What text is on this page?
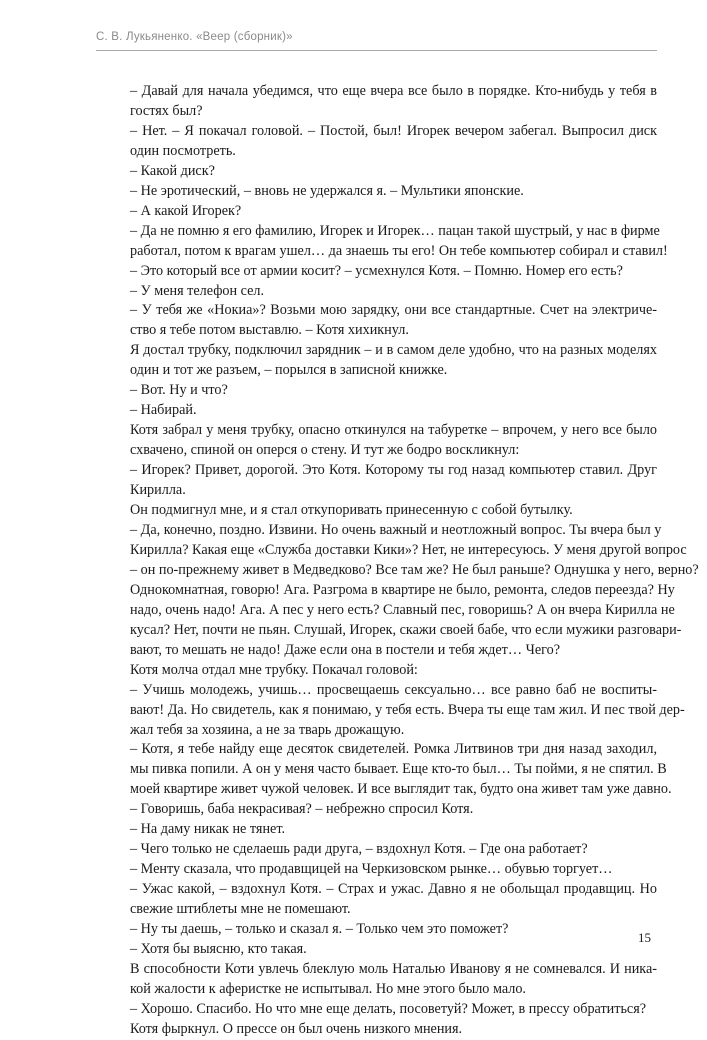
С. В. Лукьяненко. «Веер (сборник)»
– Давай для начала убедимся, что еще вчера все было в порядке. Кто-нибудь у тебя в
гостях был?
– Нет. – Я покачал головой. – Постой, был! Игорек вечером забегал. Выпросил диск
один посмотреть.
– Какой диск?
– Не эротический, – вновь не удержался я. – Мультики японские.
– А какой Игорек?
– Да не помню я его фамилию, Игорек и Игорек… пацан такой шустрый, у нас в фирме
работал, потом к врагам ушел… да знаешь ты его! Он тебе компьютер собирал и ставил!
– Это который все от армии косит? – усмехнулся Котя. – Помню. Номер его есть?
– У меня телефон сел.
– У тебя же «Нокиа»? Возьми мою зарядку, они все стандартные. Счет на электриче-
ство я тебе потом выставлю. – Котя хихикнул.
Я достал трубку, подключил зарядник – и в самом деле удобно, что на разных моделях
один и тот же разъем, – порылся в записной книжке.
– Вот. Ну и что?
– Набирай.
Котя забрал у меня трубку, опасно откинулся на табуретке – впрочем, у него все было
схвачено, спиной он оперся о стену. И тут же бодро воскликнул:
– Игорек? Привет, дорогой. Это Котя. Которому ты год назад компьютер ставил. Друг
Кирилла.
Он подмигнул мне, и я стал откупоривать принесенную с собой бутылку.
– Да, конечно, поздно. Извини. Но очень важный и неотложный вопрос. Ты вчера был у
Кирилла? Какая еще «Служба доставки Кики»? Нет, не интересуюсь. У меня другой вопрос
– он по-прежнему живет в Медведково? Все там же? Не был раньше? Однушка у него, верно?
Однокомнатная, говорю! Ага. Разгрома в квартире не было, ремонта, следов переезда? Ну
надо, очень надо! Ага. А пес у него есть? Славный пес, говоришь? А он вчера Кирилла не
кусал? Нет, почти не пьян. Слушай, Игорек, скажи своей бабе, что если мужики разговари-
вают, то мешать не надо! Даже если она в постели и тебя ждет… Чего?
Котя молча отдал мне трубку. Покачал головой:
– Учишь молодежь, учишь… просвещаешь сексуально… все равно баб не воспиты-
вают! Да. Но свидетель, как я понимаю, у тебя есть. Вчера ты еще там жил. И пес твой дер-
жал тебя за хозяина, а не за тварь дрожащую.
– Котя, я тебе найду еще десяток свидетелей. Ромка Литвинов три дня назад заходил,
мы пивка попили. А он у меня часто бывает. Еще кто-то был… Ты пойми, я не спятил. В
моей квартире живет чужой человек. И все выглядит так, будто она живет там уже давно.
– Говоришь, баба некрасивая? – небрежно спросил Котя.
– На даму никак не тянет.
– Чего только не сделаешь ради друга, – вздохнул Котя. – Где она работает?
– Менту сказала, что продавщицей на Черкизовском рынке… обувью торгует…
– Ужас какой, – вздохнул Котя. – Страх и ужас. Давно я не обольщал продавщиц. Но
свежие штиблеты мне не помешают.
– Ну ты даешь, – только и сказал я. – Только чем это поможет?
– Хотя бы выясню, кто такая.
В способности Коти увлечь блеклую моль Наталью Иванову я не сомневался. И ника-
кой жалости к аферистке не испытывал. Но мне этого было мало.
– Хорошо. Спасибо. Но что мне еще делать, посоветуй? Может, в прессу обратиться?
Котя фыркнул. О прессе он был очень низкого мнения.
15
